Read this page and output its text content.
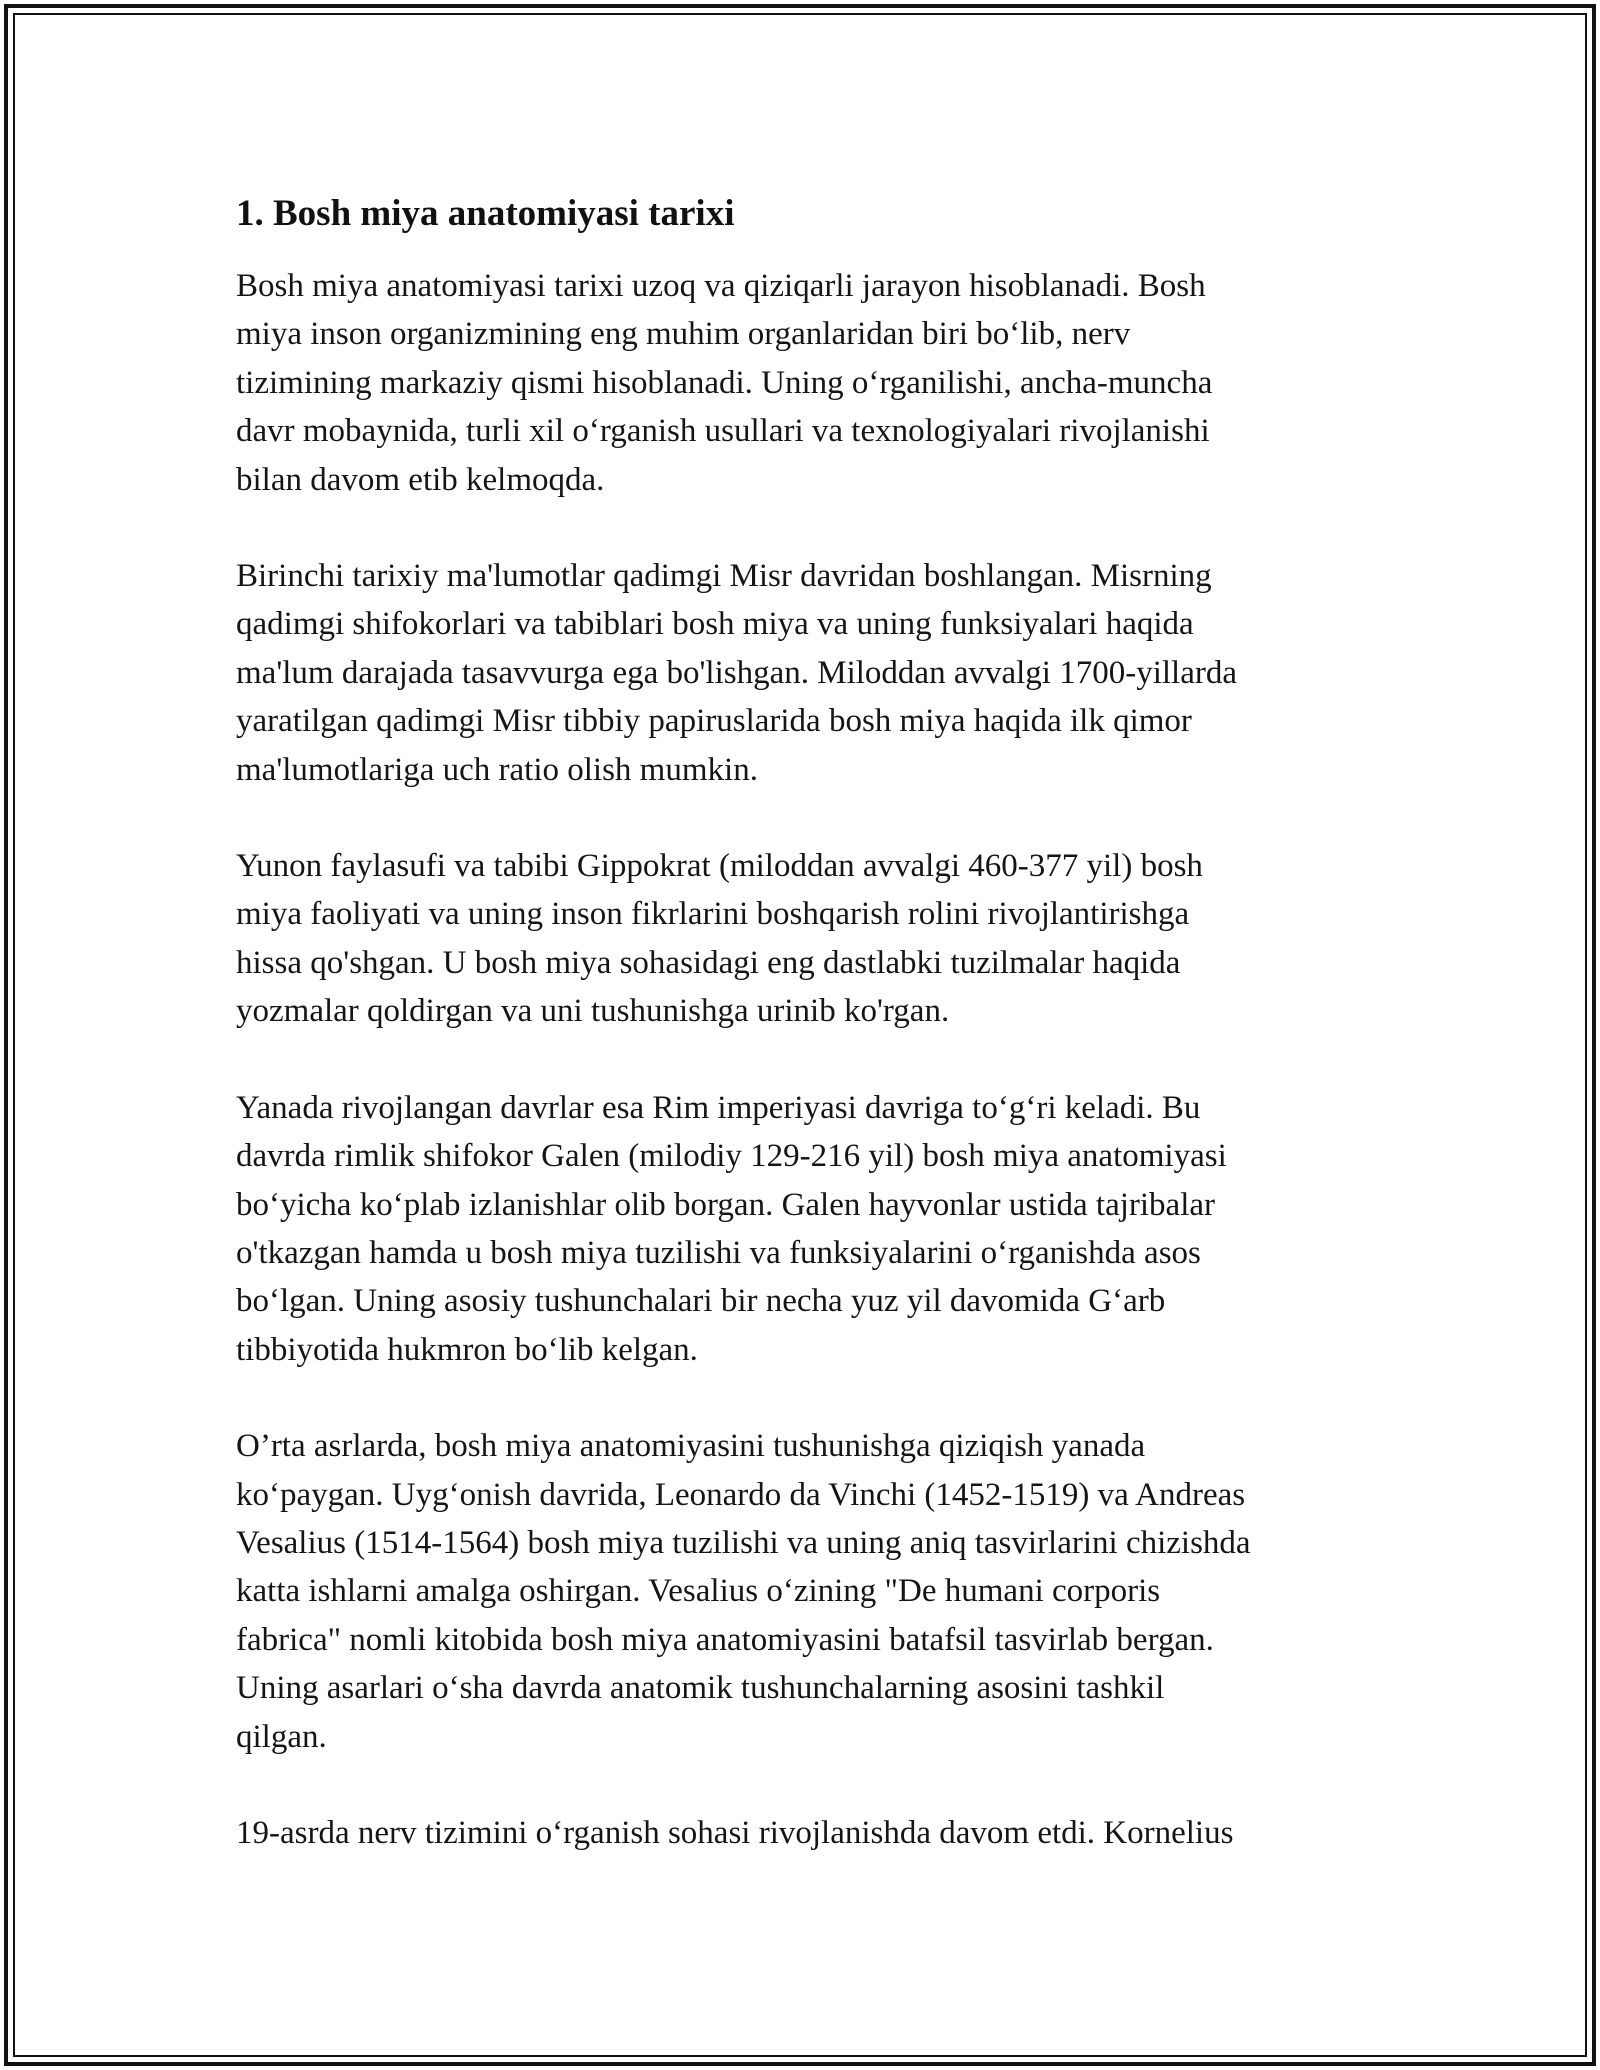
1. Bosh miya anatomiyasi tarixi

Bosh miya anatomiyasi tarixi uzoq va qiziqarli jarayon hisoblanadi. Bosh
miya inson organizmining eng muhim organlaridan biri bo‘lib, nerv
tizimining markaziy qismi hisoblanadi. Uning o‘rganilishi, ancha-muncha
davr mobaynida, turli xil o‘rganish usullari va texnologiyalari rivojlanishi
bilan davom etib kelmoqda.

Birinchi tarixiy ma'lumotlar qadimgi Misr davridan boshlangan. Misrning
qadimgi shifokorlari va tabiblari bosh miya va uning funksiyalari haqida
ma'lum darajada tasavvurga ega bo'lishgan. Miloddan avvalgi 1700-yillarda
yaratilgan qadimgi Misr tibbiy papiruslarida bosh miya haqida ilk qimor
ma'lumotlariga uch ratio olish mumkin.

Yunon faylasufi va tabibi Gippokrat (miloddan avvalgi 460-377 yil) bosh
miya faoliyati va uning inson fikrlarini boshqarish rolini rivojlantirishga
hissa qo'shgan. U bosh miya sohasidagi eng dastlabki tuzilmalar haqida
yozmalar qoldirgan va uni tushunishga urinib ko'rgan.

Yanada rivojlangan davrlar esa Rim imperiyasi davriga to‘g‘ri keladi. Bu
davrda rimlik shifokor Galen (milodiy 129-216 yil) bosh miya anatomiyasi
bo‘yicha ko‘plab izlanishlar olib borgan. Galen hayvonlar ustida tajribalar
o'tkazgan hamda u bosh miya tuzilishi va funksiyalarini o‘rganishda asos
bo‘lgan. Uning asosiy tushunchalari bir necha yuz yil davomida G‘arb
tibbiyotida hukmron bo‘lib kelgan.

O’rta asrlarda, bosh miya anatomiyasini tushunishga qiziqish yanada
ko‘paygan. Uyg‘onish davrida, Leonardo da Vinchi (1452-1519) va Andreas
Vesalius (1514-1564) bosh miya tuzilishi va uning aniq tasvirlarini chizishda
katta ishlarni amalga oshirgan. Vesalius o‘zining "De humani corporis
fabrica" nomli kitobida bosh miya anatomiyasini batafsil tasvirlab bergan.
Uning asarlari o‘sha davrda anatomik tushunchalarning asosini tashkil
qilgan.

19-asrda nerv tizimini o‘rganish sohasi rivojlanishda davom etdi. Kornelius
